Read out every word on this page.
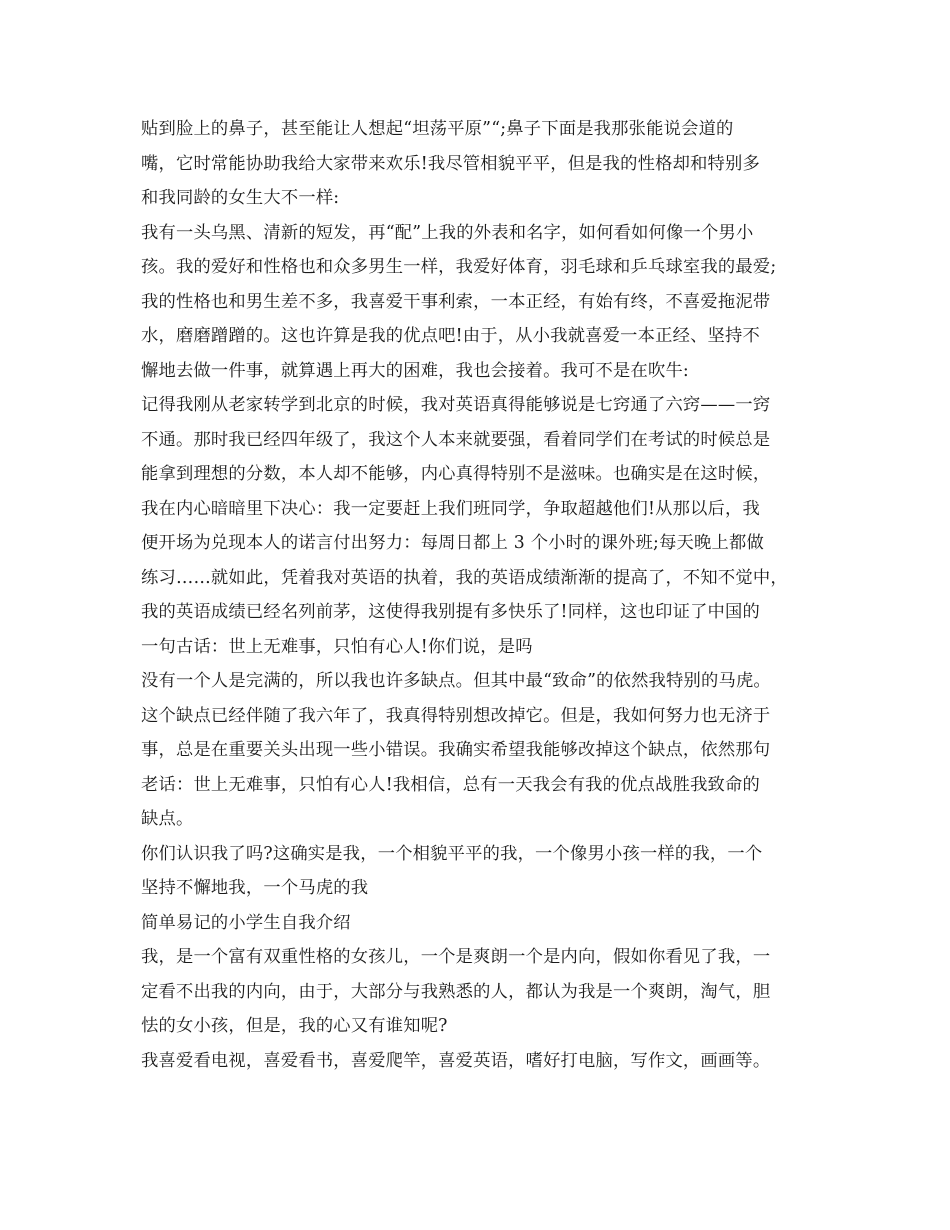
贴到脸上的鼻子，甚至能让人想起“坦荡平原”“;鼻子下面是我那张能说会道的
嘴，它时常能协助我给大家带来欢乐!我尽管相貌平平，但是我的性格却和特别多
和我同龄的女生大不一样:
我有一头乌黑、清新的短发，再“配”上我的外表和名字，如何看如何像一个男小
孩。我的爱好和性格也和众多男生一样，我爱好体育，羽毛球和乒乓球室我的最爱;
我的性格也和男生差不多，我喜爱干事利索，一本正经，有始有终，不喜爱拖泥带
水，磨磨蹭蹭的。这也许算是我的优点吧!由于，从小我就喜爱一本正经、坚持不
懈地去做一件事，就算遇上再大的困难，我也会接着。我可不是在吹牛:
记得我刚从老家转学到北京的时候，我对英语真得能够说是七窍通了六窍——一窍
不通。那时我已经四年级了，我这个人本来就要强，看着同学们在考试的时候总是
能拿到理想的分数，本人却不能够，内心真得特别不是滋味。也确实是在这时候，
我在内心暗暗里下决心：我一定要赶上我们班同学，争取超越他们!从那以后，我
便开场为兑现本人的诺言付出努力：每周日都上 3 个小时的课外班;每天晚上都做
练习……就如此，凭着我对英语的执着，我的英语成绩渐渐的提高了，不知不觉中，
我的英语成绩已经名列前茅，这使得我别提有多快乐了!同样，这也印证了中国的
一句古话：世上无难事，只怕有心人!你们说，是吗
没有一个人是完满的，所以我也许多缺点。但其中最“致命”的依然我特别的马虎。
这个缺点已经伴随了我六年了，我真得特别想改掉它。但是，我如何努力也无济于
事，总是在重要关头出现一些小错误。我确实希望我能够改掉这个缺点，依然那句
老话：世上无难事，只怕有心人!我相信，总有一天我会有我的优点战胜我致命的
缺点。
你们认识我了吗?这确实是我，一个相貌平平的我，一个像男小孩一样的我，一个
坚持不懈地我，一个马虎的我
简单易记的小学生自我介绍
我，是一个富有双重性格的女孩儿，一个是爽朗一个是内向，假如你看见了我，一
定看不出我的内向，由于，大部分与我熟悉的人，都认为我是一个爽朗，淘气，胆
怯的女小孩，但是，我的心又有谁知呢?
我喜爱看电视，喜爱看书，喜爱爬竿，喜爱英语，嗜好打电脑，写作文，画画等。
